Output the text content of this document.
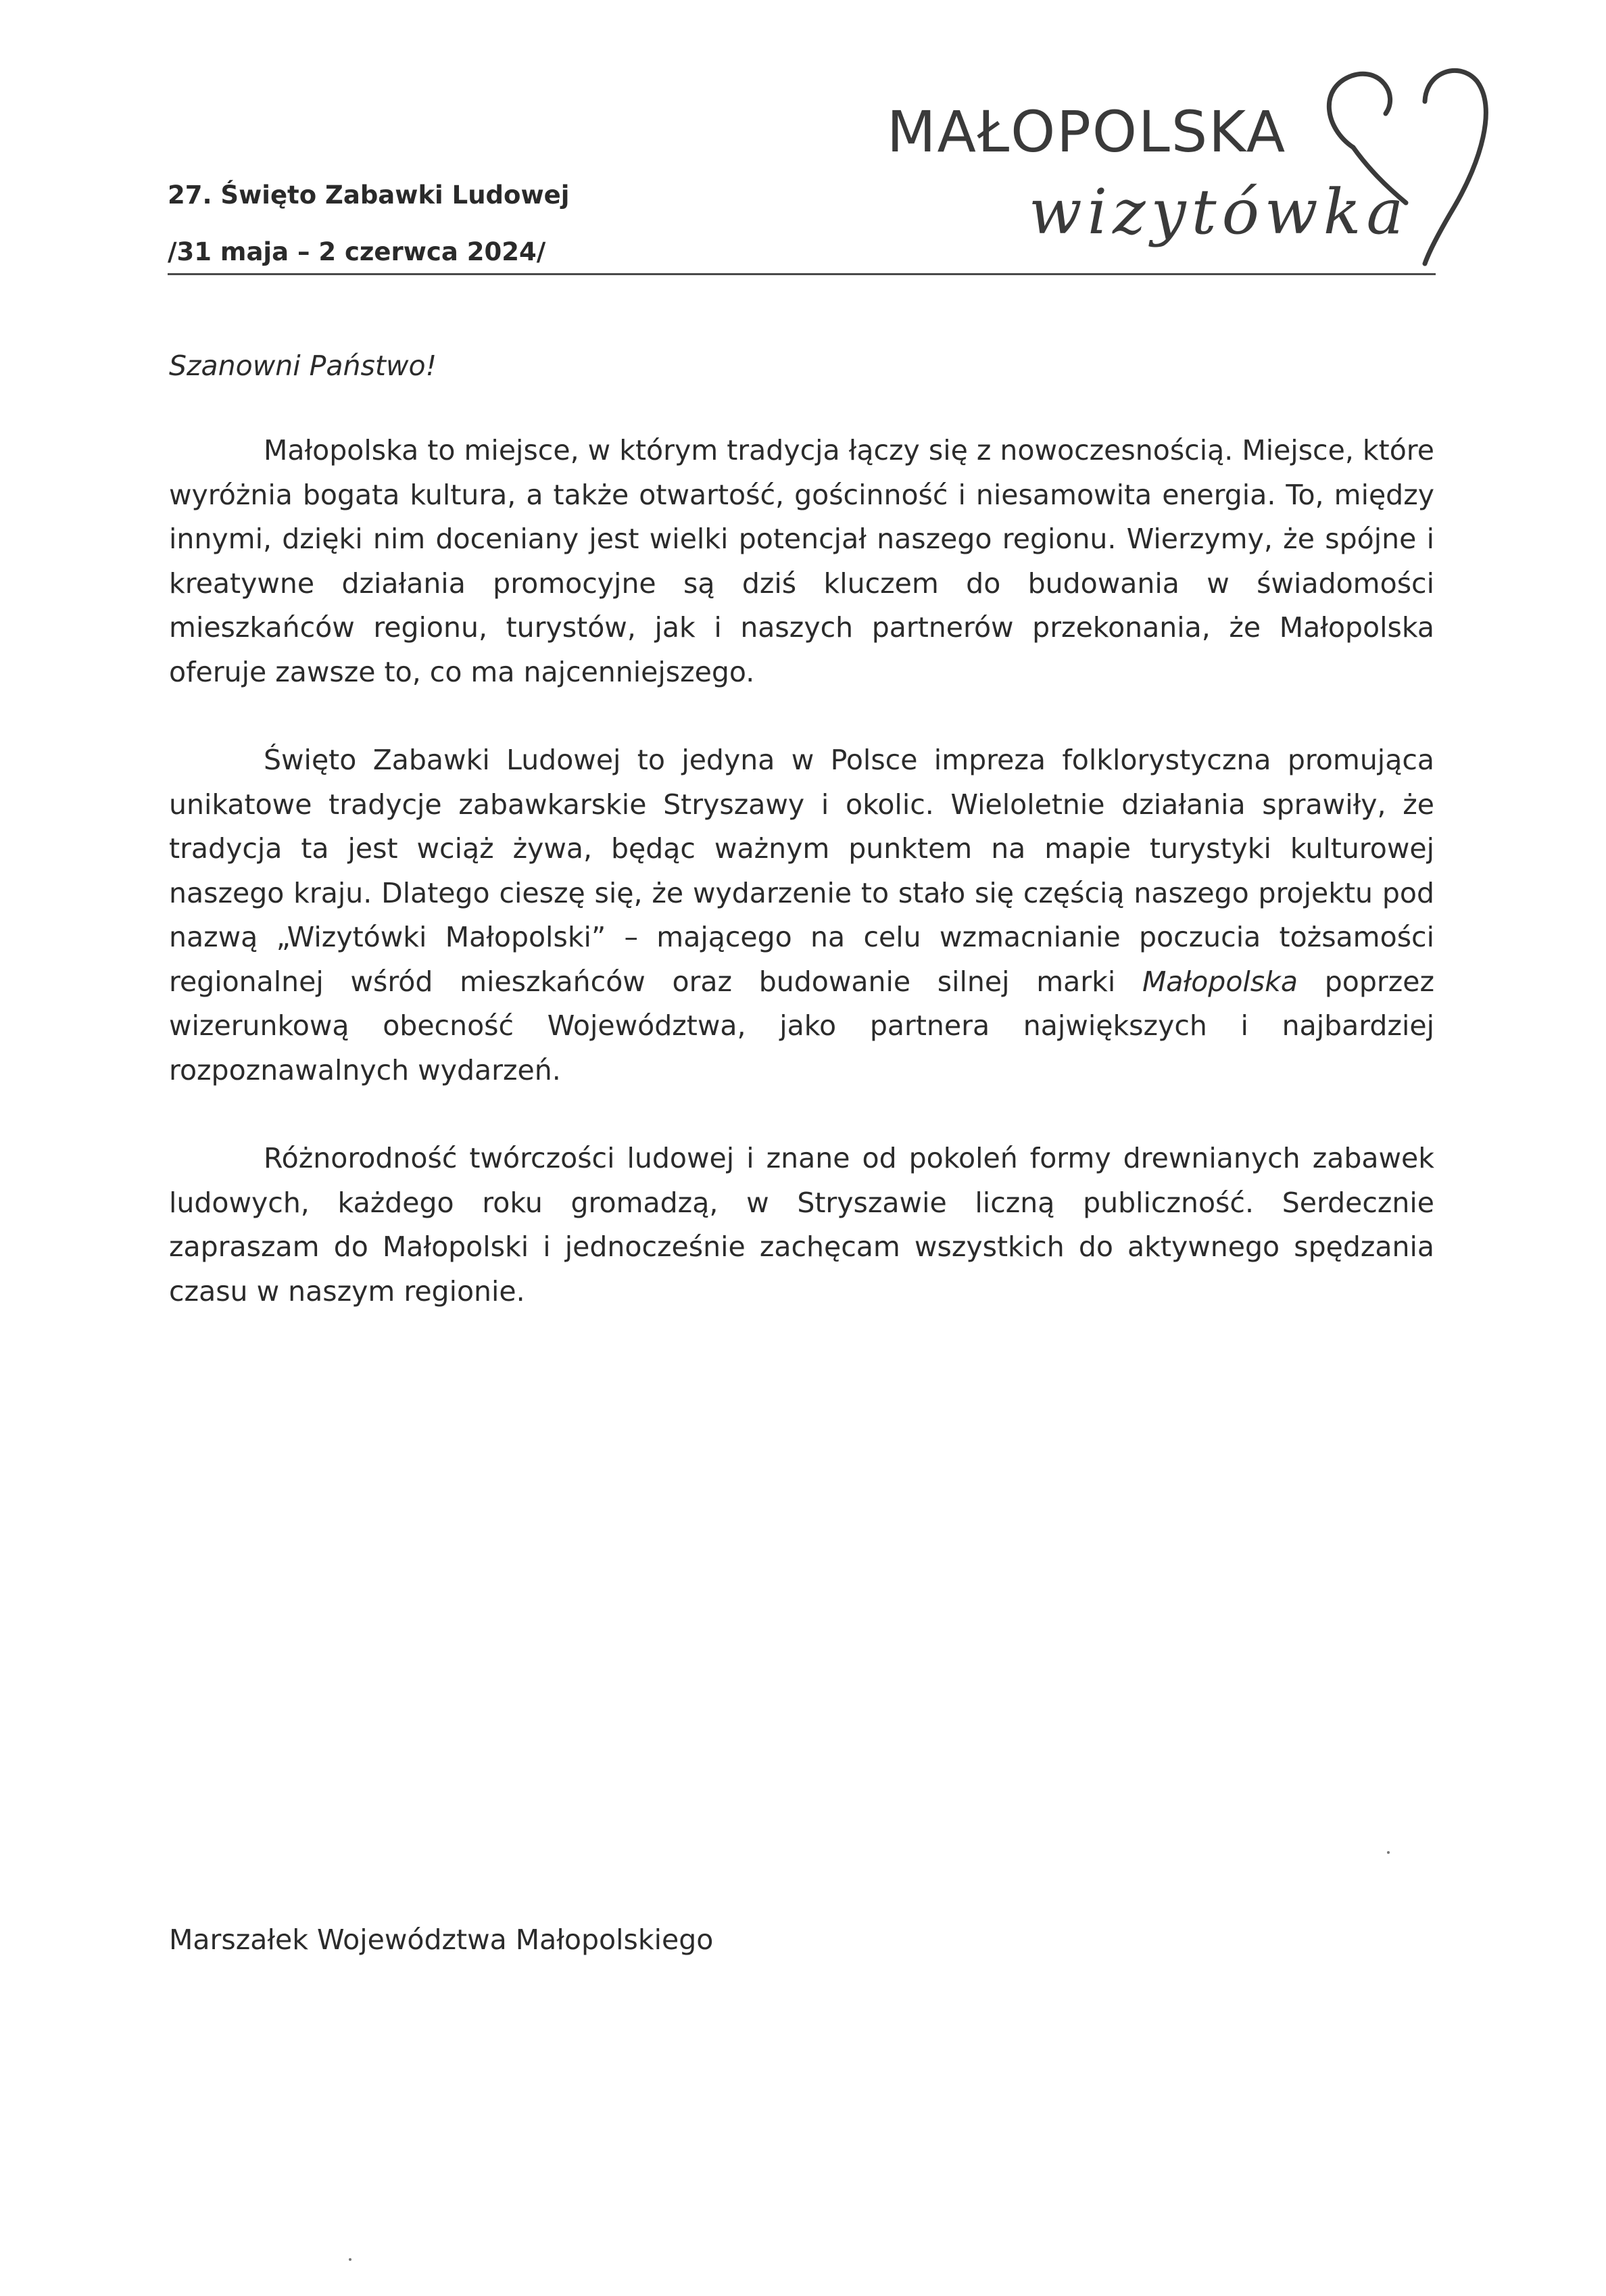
27. Święto Zabawki Ludowej

/31 maja – 2 czerwca 2024/

MAŁOPOLSKA
wizytówka

Szanowni Państwo!

Małopolska to miejsce, w którym tradycja łączy się z nowoczesnością. Miejsce, które wyróżnia bogata kultura, a także otwartość, gościnność i niesamowita energia. To, między innymi, dzięki nim doceniany jest wielki potencjał naszego regionu. Wierzymy, że spójne i kreatywne działania promocyjne są dziś kluczem do budowania w świadomości mieszkańców regionu, turystów, jak i naszych partnerów przekonania, że Małopolska oferuje zawsze to, co ma najcenniejszego.

Święto Zabawki Ludowej to jedyna w Polsce impreza folklorystyczna promująca unikatowe tradycje zabawkarskie Stryszawy i okolic. Wieloletnie działania sprawiły, że tradycja ta jest wciąż żywa, będąc ważnym punktem na mapie turystyki kulturowej naszego kraju. Dlatego cieszę się, że wydarzenie to stało się częścią naszego projektu pod nazwą „Wizytówki Małopolski” – mającego na celu wzmacnianie poczucia tożsamości regionalnej wśród mieszkańców oraz budowanie silnej marki Małopolska poprzez wizerunkową obecność Województwa, jako partnera największych i najbardziej rozpoznawalnych wydarzeń.

Różnorodność twórczości ludowej i znane od pokoleń formy drewnianych zabawek ludowych, każdego roku gromadzą, w Stryszawie liczną publiczność. Serdecznie zapraszam do Małopolski i jednocześnie zachęcam wszystkich do aktywnego spędzania czasu w naszym regionie.

Marszałek Województwa Małopolskiego
